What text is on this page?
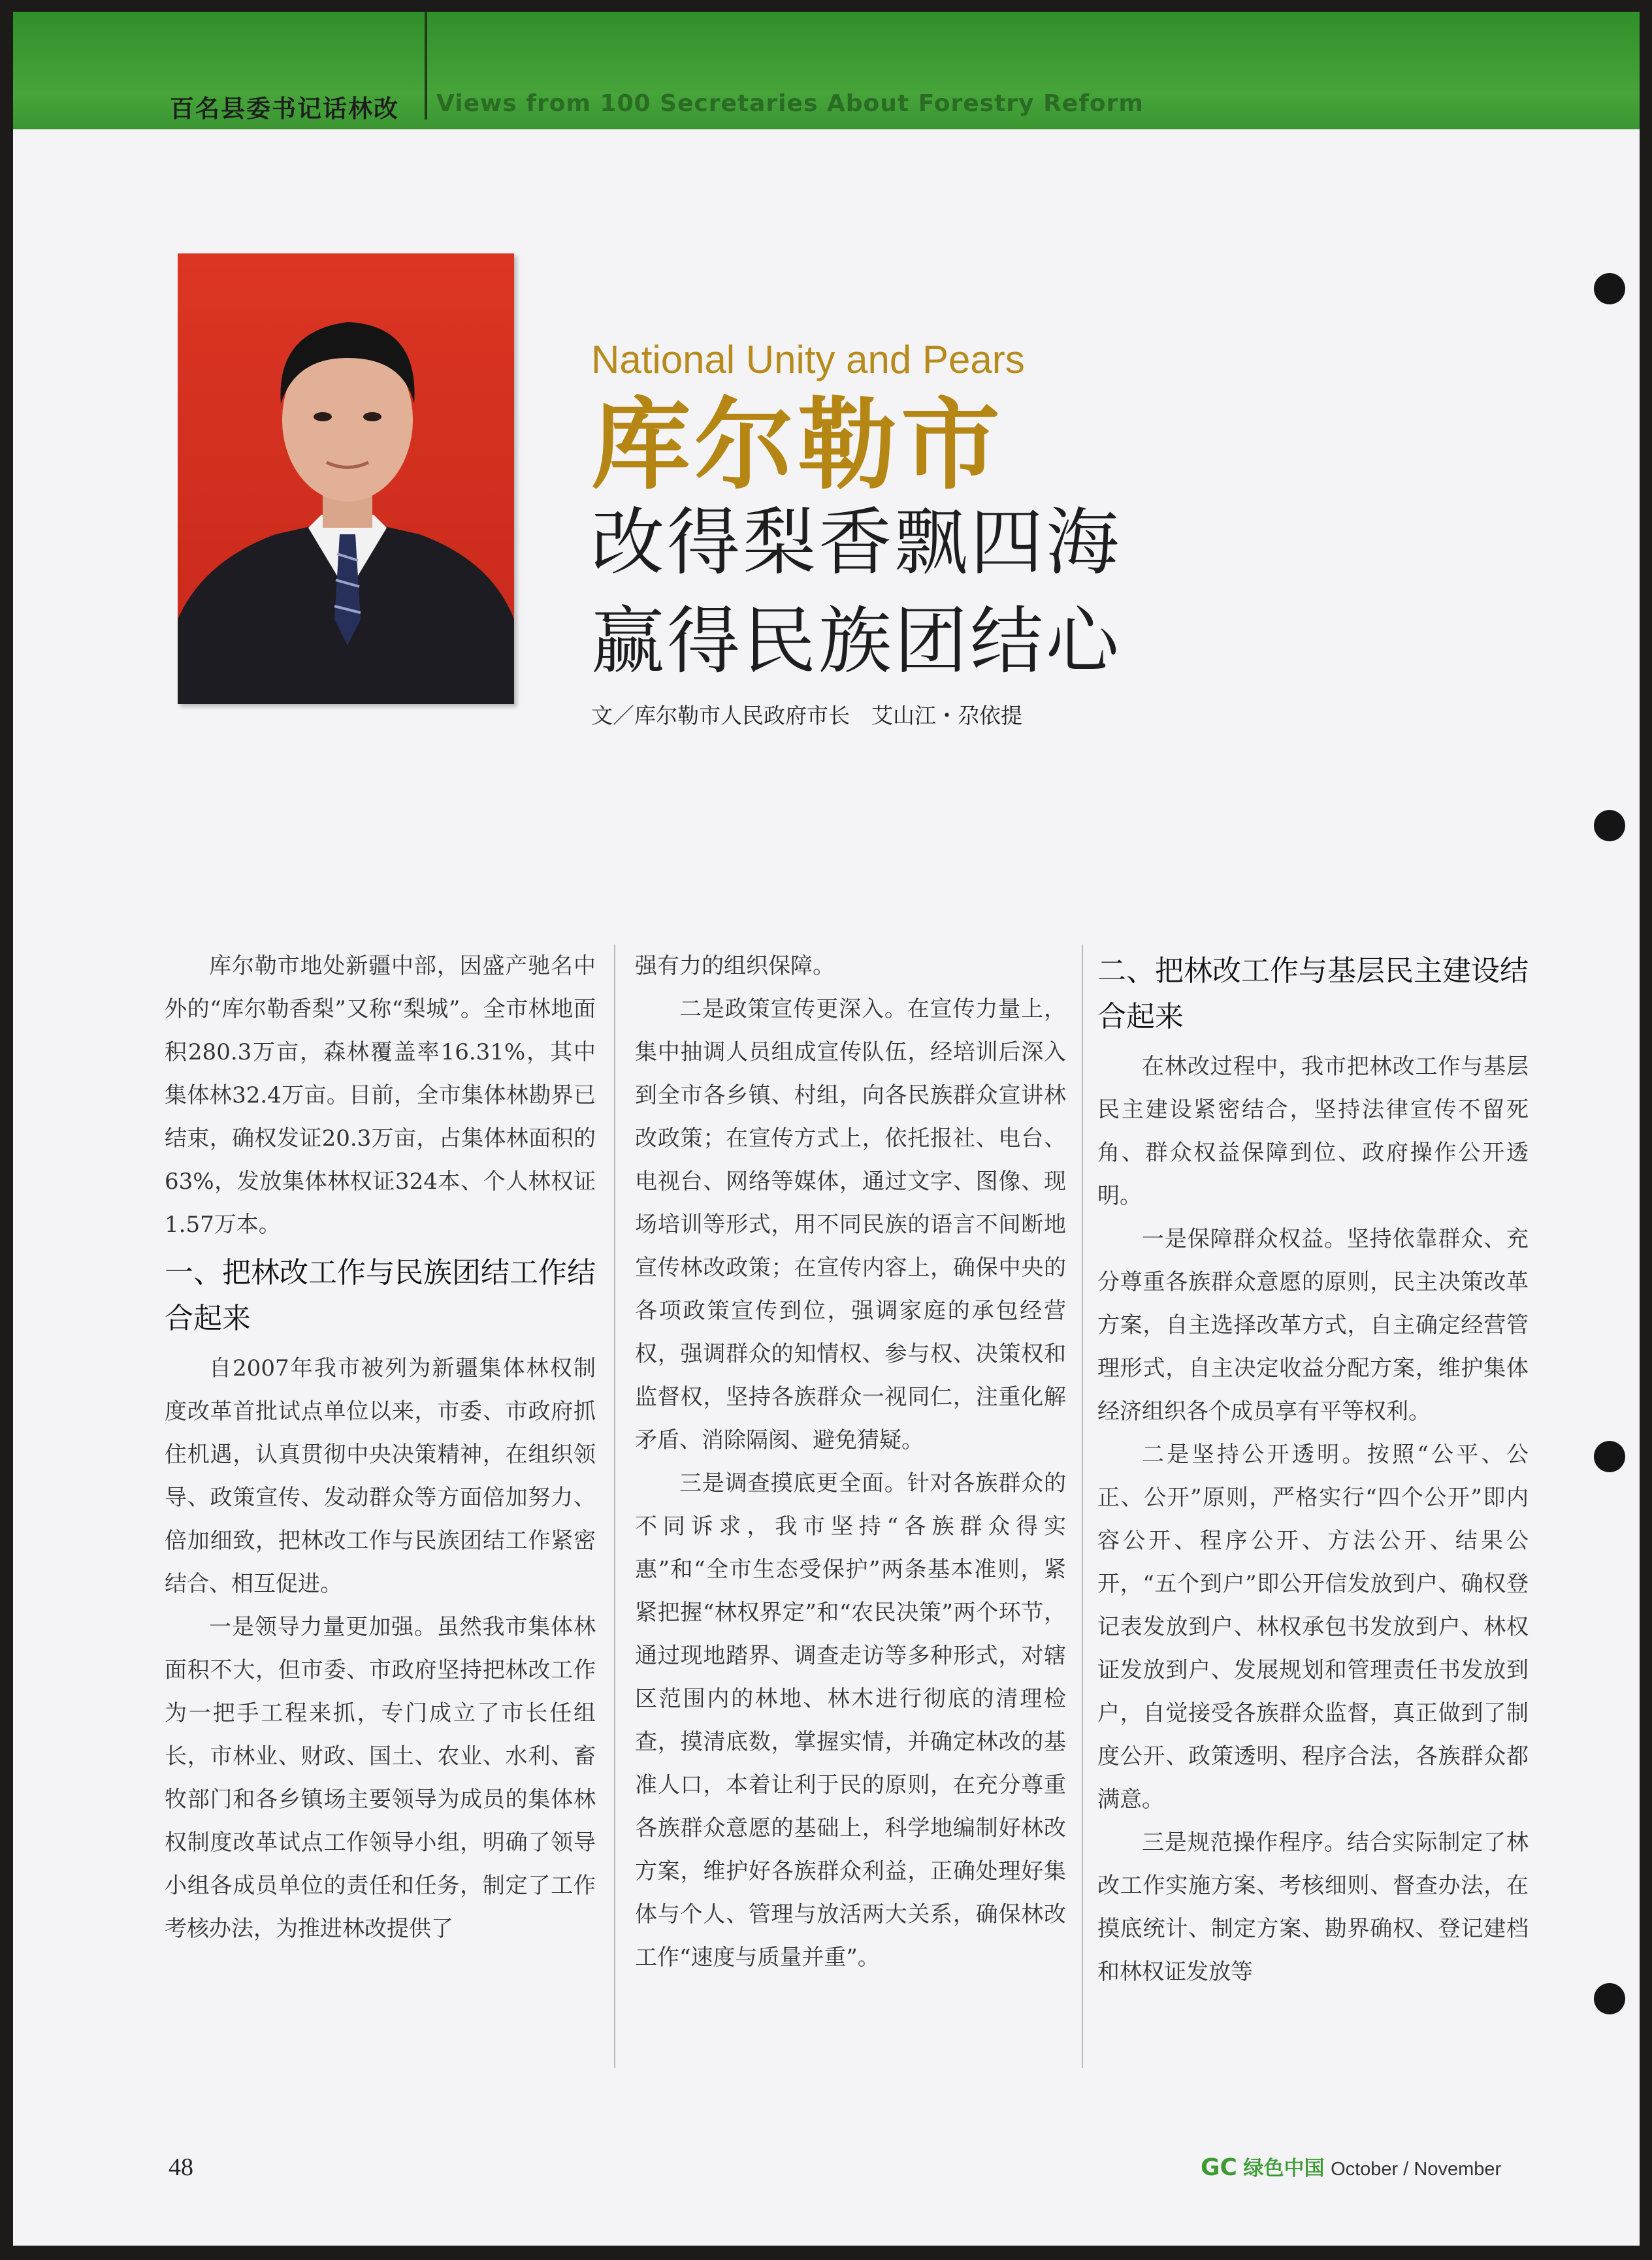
百名县委书记话林改 Views from 100 Secretaries About Forestry Reform
National Unity and Pears
库尔勒市
改得梨香飘四海
赢得民族团结心
文／库尔勒市人民政府市长　艾山江・尕依提

库尔勒市地处新疆中部，因盛产驰名中外的“库尔勒香梨”又称“梨城”。全市林地面积280.3万亩，森林覆盖率16.31%，其中集体林32.4万亩。目前，全市集体林勘界已结束，确权发证20.3万亩，占集体林面积的63%，发放集体林权证324本、个人林权证1.57万本。

一、把林改工作与民族团结工作结合起来

自2007年我市被列为新疆集体林权制度改革首批试点单位以来，市委、市政府抓住机遇，认真贯彻中央决策精神，在组织领导、政策宣传、发动群众等方面倍加努力、倍加细致，把林改工作与民族团结工作紧密结合、相互促进。

一是领导力量更加强。虽然我市集体林面积不大，但市委、市政府坚持把林改工作为一把手工程来抓，专门成立了市长任组长，市林业、财政、国土、农业、水利、畜牧部门和各乡镇场主要领导为成员的集体林权制度改革试点工作领导小组，明确了领导小组各成员单位的责任和任务，制定了工作考核办法，为推进林改提供了

强有力的组织保障。

二是政策宣传更深入。在宣传力量上，集中抽调人员组成宣传队伍，经培训后深入到全市各乡镇、村组，向各民族群众宣讲林改政策；在宣传方式上，依托报社、电台、电视台、网络等媒体，通过文字、图像、现场培训等形式，用不同民族的语言不间断地宣传林改政策；在宣传内容上，确保中央的各项政策宣传到位，强调家庭的承包经营权，强调群众的知情权、参与权、决策权和监督权，坚持各族群众一视同仁，注重化解矛盾、消除隔阂、避免猜疑。

三是调查摸底更全面。针对各族群众的不同诉求，我市坚持“各族群众得实惠”和“全市生态受保护”两条基本准则，紧紧把握“林权界定”和“农民决策”两个环节，通过现地踏界、调查走访等多种形式，对辖区范围内的林地、林木进行彻底的清理检查，摸清底数，掌握实情，并确定林改的基准人口，本着让利于民的原则，在充分尊重各族群众意愿的基础上，科学地编制好林改方案，维护好各族群众利益，正确处理好集体与个人、管理与放活两大关系，确保林改工作“速度与质量并重”。

二、把林改工作与基层民主建设结合起来

在林改过程中，我市把林改工作与基层民主建设紧密结合，坚持法律宣传不留死角、群众权益保障到位、政府操作公开透明。

一是保障群众权益。坚持依靠群众、充分尊重各族群众意愿的原则，民主决策改革方案，自主选择改革方式，自主确定经营管理形式，自主决定收益分配方案，维护集体经济组织各个成员享有平等权利。

二是坚持公开透明。按照“公平、公正、公开”原则，严格实行“四个公开”即内容公开、程序公开、方法公开、结果公开，“五个到户”即公开信发放到户、确权登记表发放到户、林权承包书发放到户、林权证发放到户、发展规划和管理责任书发放到户，自觉接受各族群众监督，真正做到了制度公开、政策透明、程序合法，各族群众都满意。

三是规范操作程序。结合实际制定了林改工作实施方案、考核细则、督查办法，在摸底统计、制定方案、勘界确权、登记建档和林权证发放等

48	GC 绿色中国 October / November
